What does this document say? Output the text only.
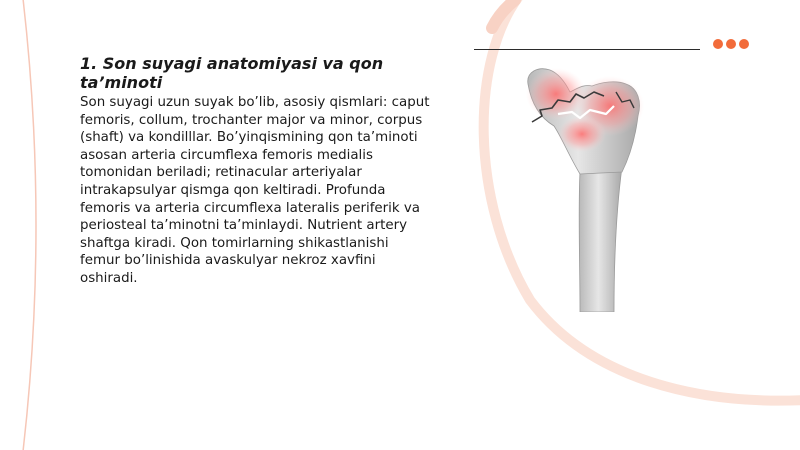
1. Son suyagi anatomiyasi va qon ta’minoti

Son suyagi uzun suyak bo’lib, asosiy qismlari: caput femoris, collum, trochanter major va minor, corpus (shaft) va kondilllar. Bo’yinqismining qon ta’minoti asosan arteria circumflexa femoris medialis tomonidan beriladi; retinacular arteriyalar intrakapsulyar qismga qon keltiradi. Profunda femoris va arteria circumflexa lateralis periferik va periosteal ta’minotni ta’minlaydi. Nutrient artery shaftga kiradi. Qon tomirlarning shikastlanishi femur bo’linishida avaskulyar nekroz xavfini oshiradi.
